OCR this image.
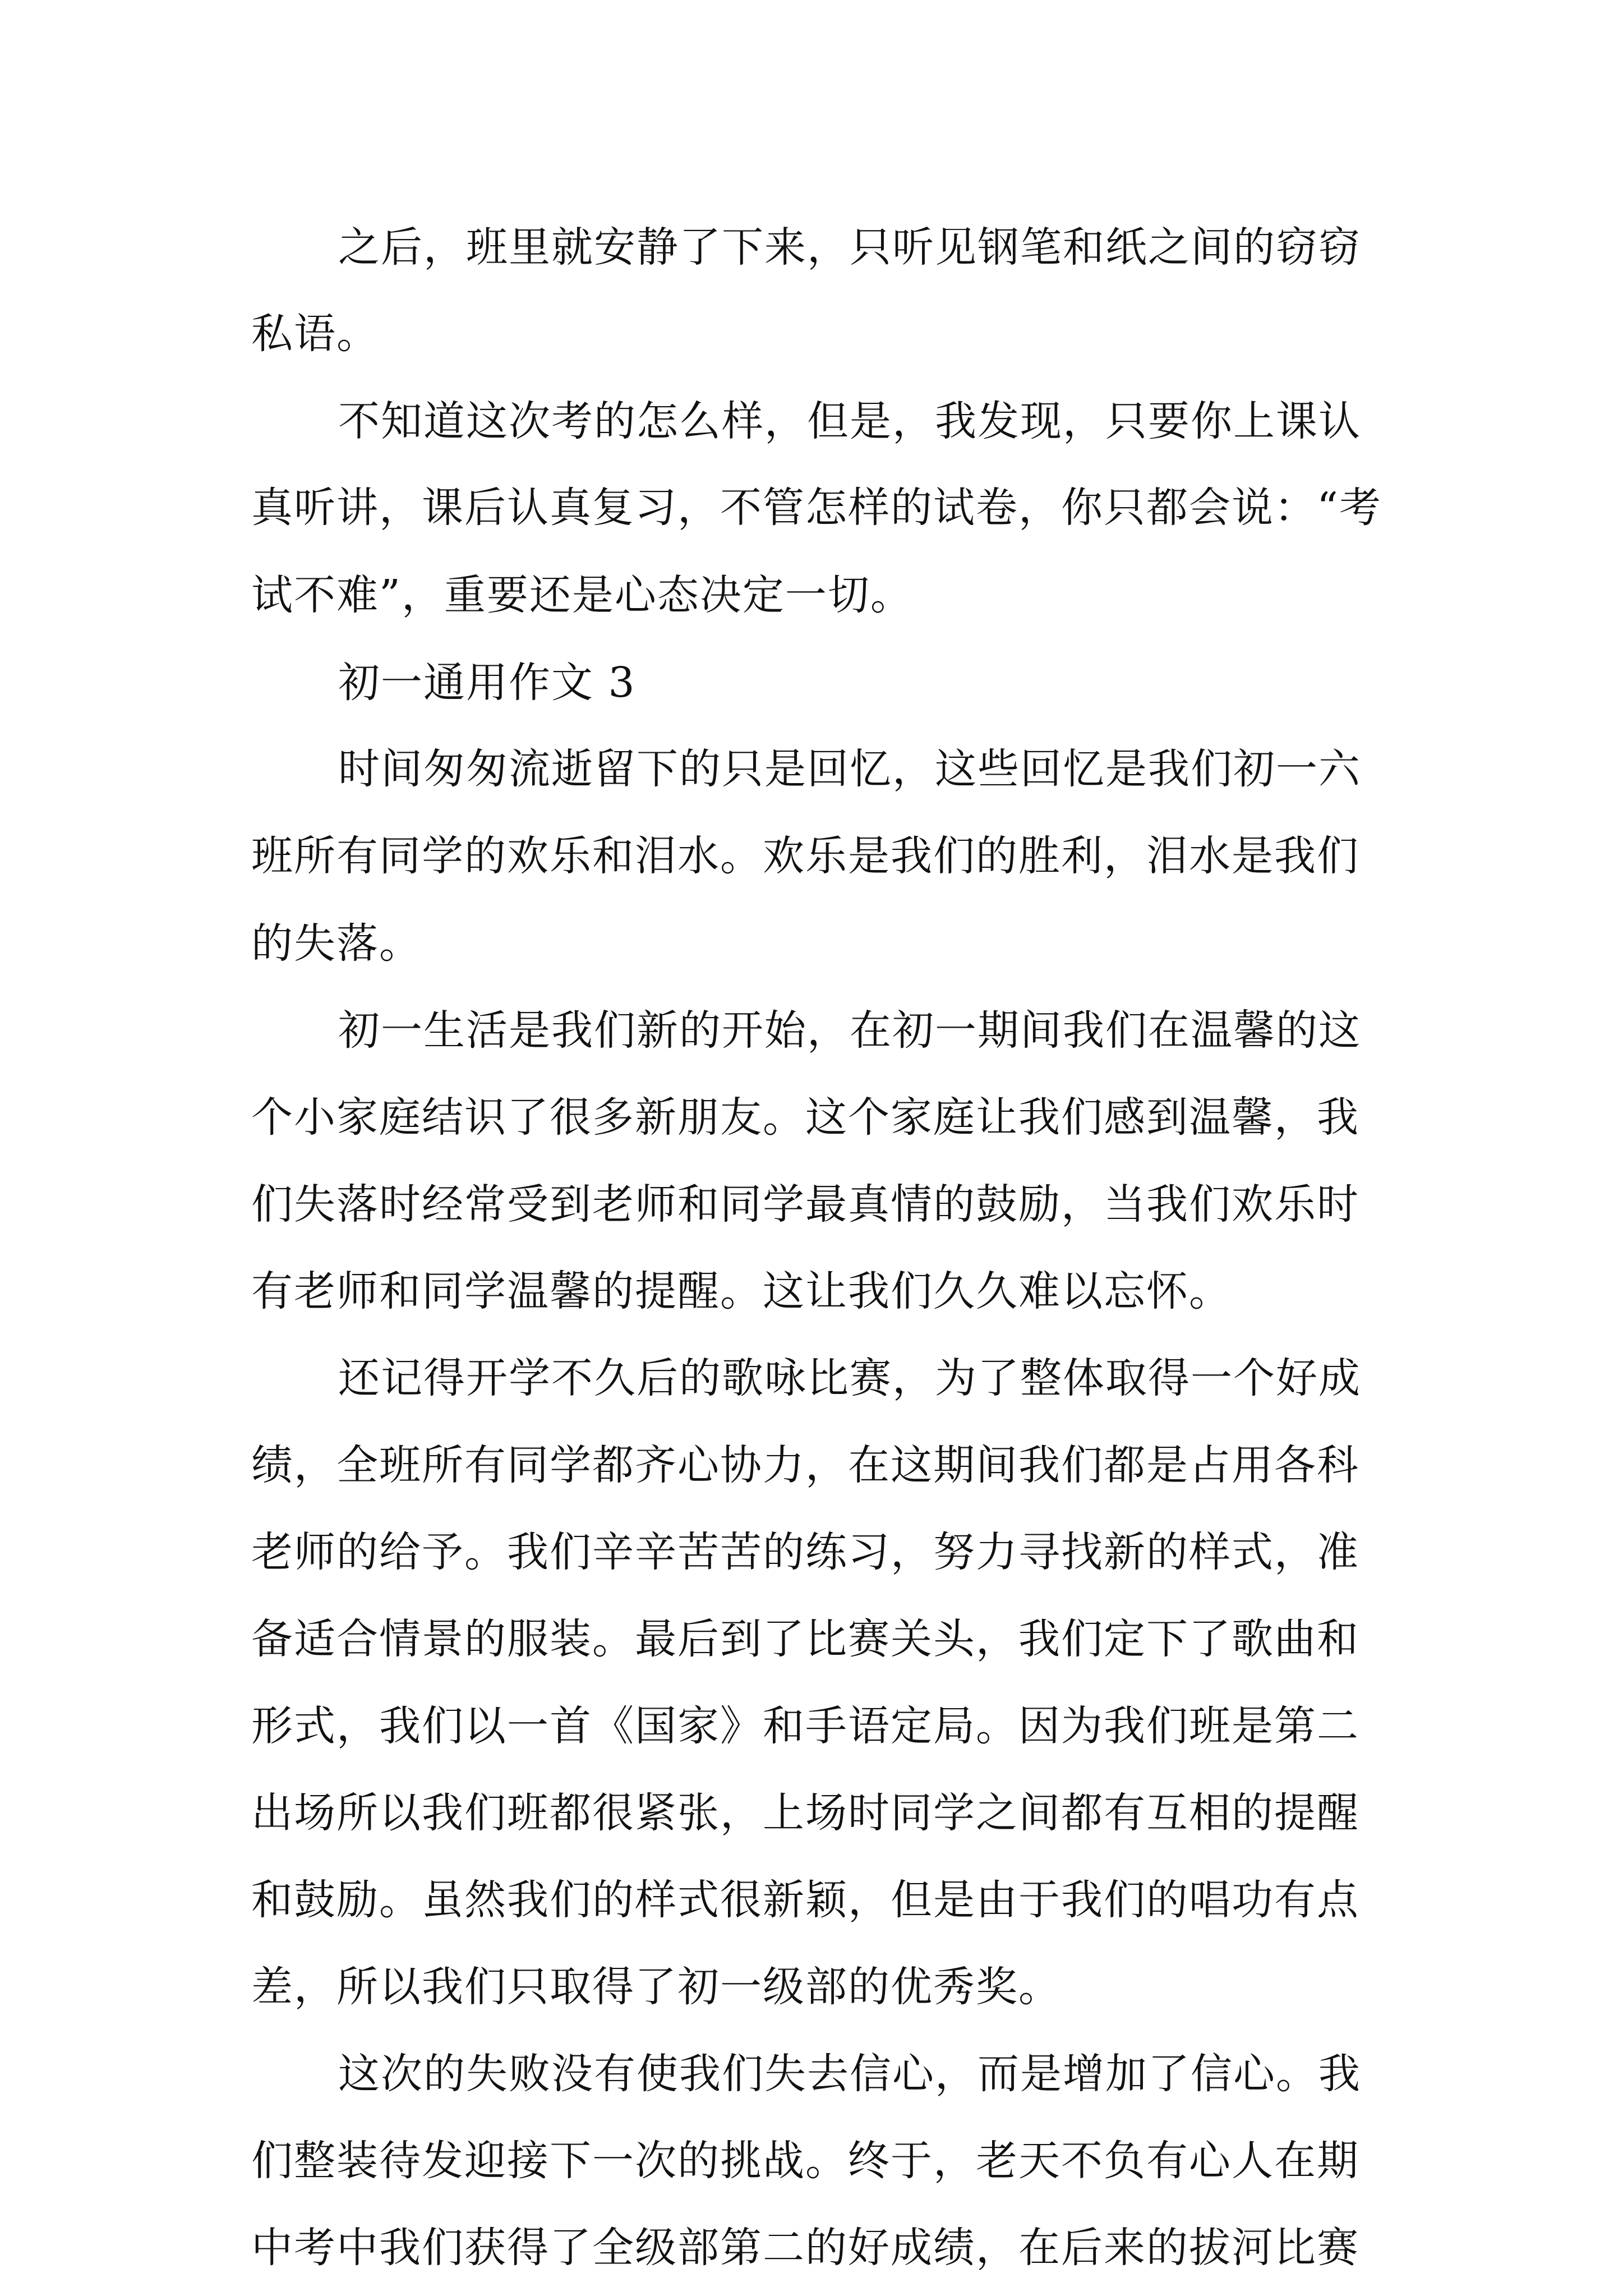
之后，班里就安静了下来，只听见钢笔和纸之间的窃窃
私语。
不知道这次考的怎么样，但是，我发现，只要你上课认
真听讲，课后认真复习，不管怎样的试卷，你只都会说：“考
试不难”，重要还是心态决定一切。
初一通用作文 3
时间匆匆流逝留下的只是回忆，这些回忆是我们初一六
班所有同学的欢乐和泪水。欢乐是我们的胜利，泪水是我们
的失落。
初一生活是我们新的开始，在初一期间我们在温馨的这
个小家庭结识了很多新朋友。这个家庭让我们感到温馨，我
们失落时经常受到老师和同学最真情的鼓励，当我们欢乐时
有老师和同学温馨的提醒。这让我们久久难以忘怀。
还记得开学不久后的歌咏比赛，为了整体取得一个好成
绩，全班所有同学都齐心协力，在这期间我们都是占用各科
老师的给予。我们辛辛苦苦的练习，努力寻找新的样式，准
备适合情景的服装。最后到了比赛关头，我们定下了歌曲和
形式，我们以一首《国家》和手语定局。因为我们班是第二
出场所以我们班都很紧张，上场时同学之间都有互相的提醒
和鼓励。虽然我们的样式很新颖，但是由于我们的唱功有点
差，所以我们只取得了初一级部的优秀奖。
这次的失败没有使我们失去信心，而是增加了信心。我
们整装待发迎接下一次的挑战。终于，老天不负有心人在期
中考中我们获得了全级部第二的好成绩，在后来的拔河比赛
